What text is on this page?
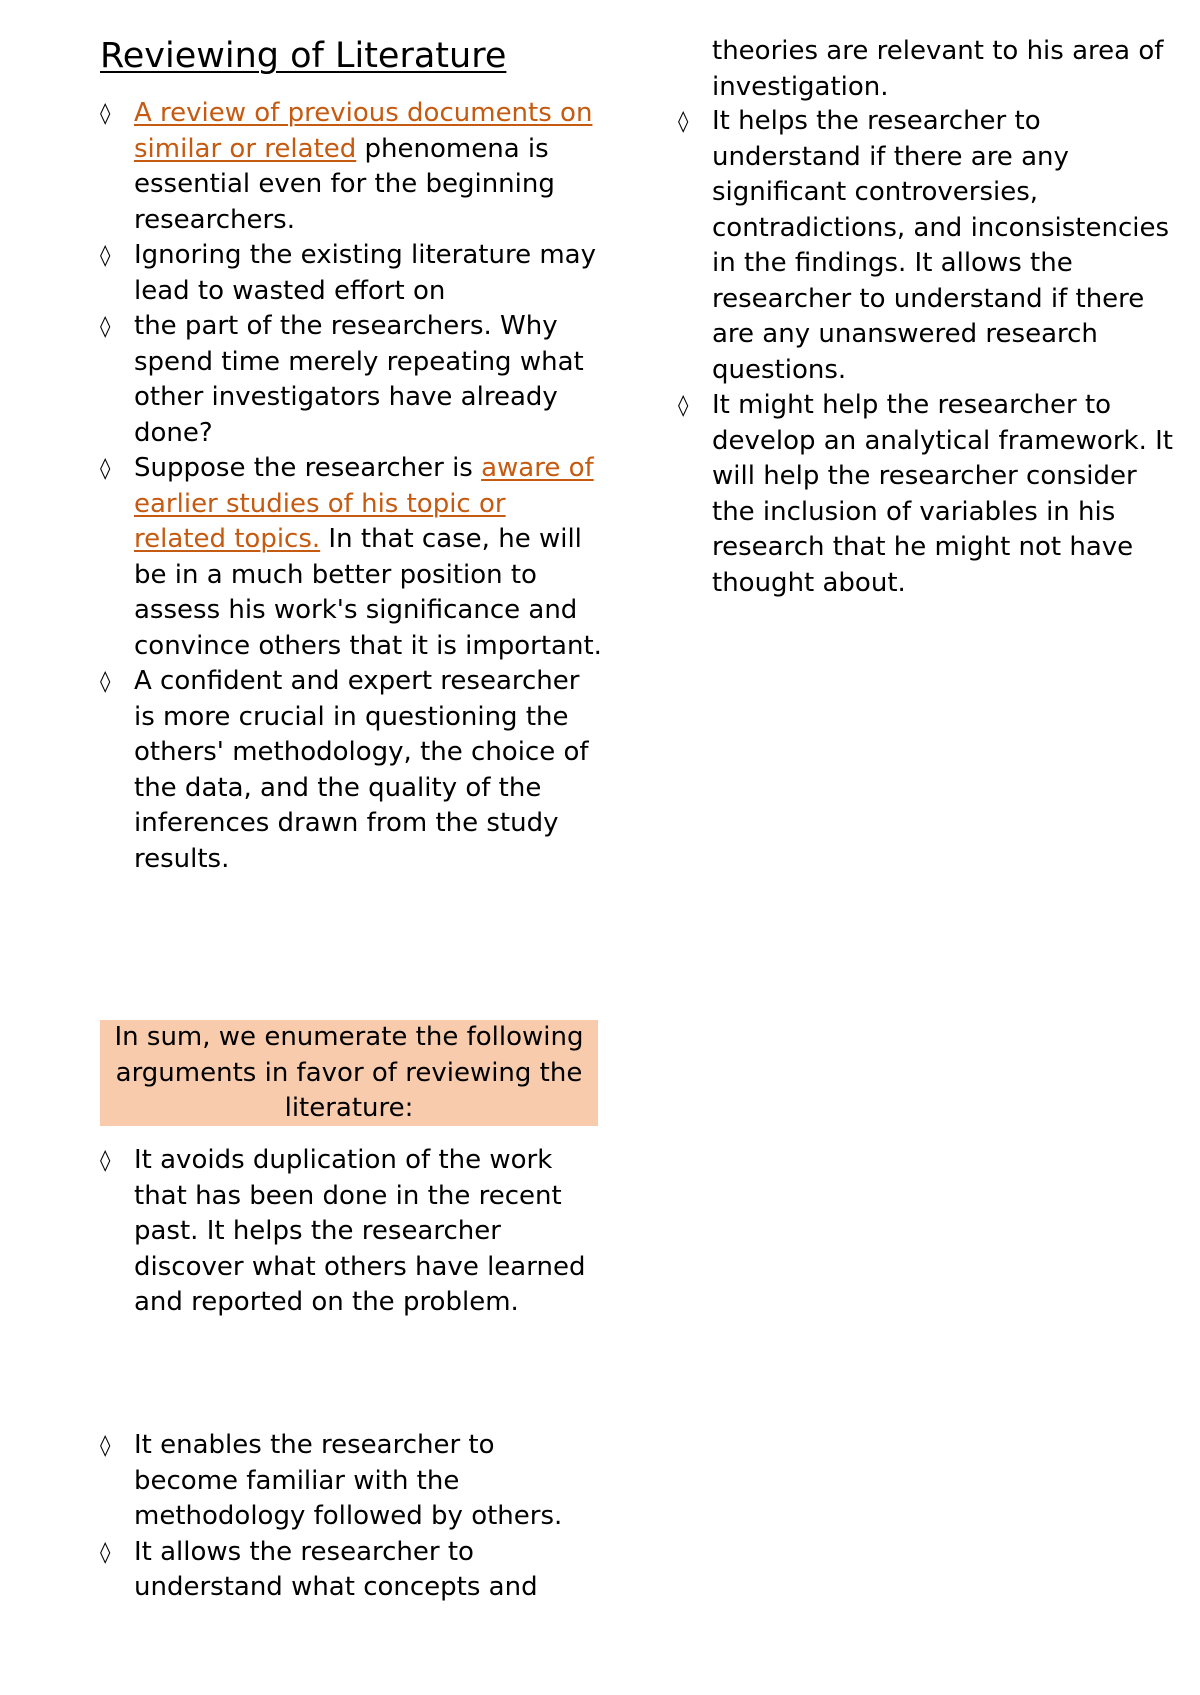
Reviewing of Literature
◊ A review of previous documents on similar or related phenomena is essential even for the beginning researchers.
◊ Ignoring the existing literature may lead to wasted effort on
◊ the part of the researchers. Why spend time merely repeating what other investigators have already done?
◊ Suppose the researcher is aware of earlier studies of his topic or related topics. In that case, he will be in a much better position to assess his work's significance and convince others that it is important.
◊ A confident and expert researcher is more crucial in questioning the others' methodology, the choice of the data, and the quality of the inferences drawn from the study results.
In sum, we enumerate the following arguments in favor of reviewing the literature:
◊ It avoids duplication of the work that has been done in the recent past. It helps the researcher discover what others have learned and reported on the problem.
◊ It enables the researcher to become familiar with the methodology followed by others.
◊ It allows the researcher to understand what concepts and
theories are relevant to his area of investigation.
◊ It helps the researcher to understand if there are any significant controversies, contradictions, and inconsistencies in the findings. It allows the researcher to understand if there are any unanswered research questions.
◊ It might help the researcher to develop an analytical framework. It will help the researcher consider the inclusion of variables in his research that he might not have thought about.
